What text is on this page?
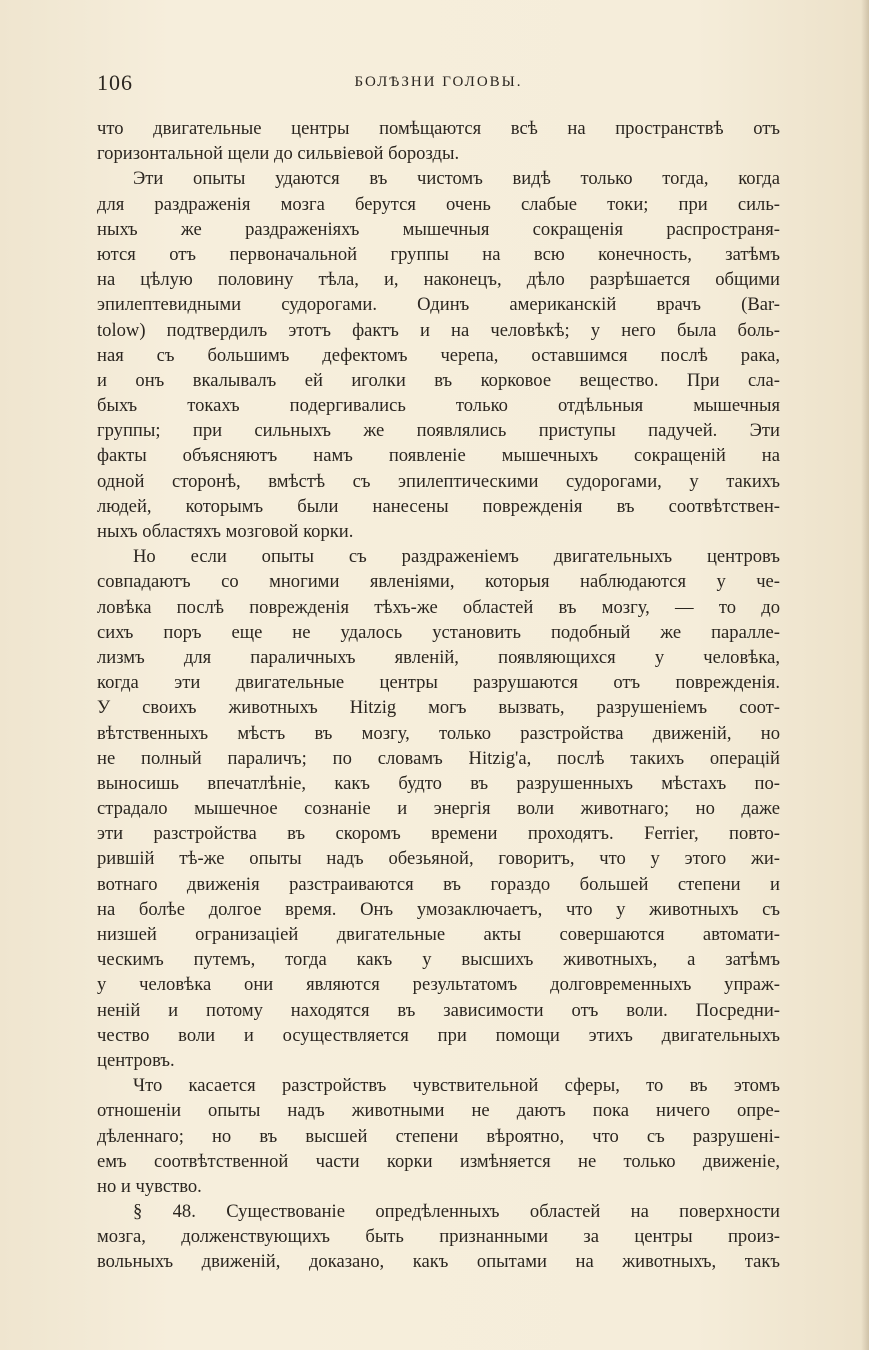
106	БОЛѢЗНИ ГОЛОВЫ.
что двигательные центры помѣщаются всѣ на пространствѣ отъ
горизонтальной щели до сильвіевой борозды.
Эти опыты удаются въ чистомъ видѣ только тогда, когда
для раздраженія мозга берутся очень слабые токи; при силь-
ныхъ же раздраженіяхъ мышечныя сокращенія распространя-
ются отъ первоначальной группы на всю конечность, затѣмъ
на цѣлую половину тѣла, и, наконецъ, дѣло разрѣшается общими
эпилептевидными судорогами. Одинъ американскій врачъ (Bar-
tolow) подтвердилъ этотъ фактъ и на человѣкѣ; у него была боль-
ная съ большимъ дефектомъ черепа, оставшимся послѣ рака,
и онъ вкалывалъ ей иголки въ корковое вещество. При сла-
быхъ токахъ подергивались только отдѣльныя мышечныя
группы; при сильныхъ же появлялись приступы падучей. Эти
факты объясняютъ намъ появленіе мышечныхъ сокращеній на
одной сторонѣ, вмѣстѣ съ эпилептическими судорогами, у такихъ
людей, которымъ были нанесены поврежденія въ соотвѣтствен-
ныхъ областяхъ мозговой корки.
Но если опыты съ раздраженіемъ двигательныхъ центровъ
совпадаютъ со многими явленіями, которыя наблюдаются у че-
ловѣка послѣ поврежденія тѣхъ-же областей въ мозгу, — то до
сихъ поръ еще не удалось установить подобный же паралле-
лизмъ для параличныхъ явленій, появляющихся у человѣка,
когда эти двигательные центры разрушаются отъ поврежденія.
У своихъ животныхъ Hitzig могъ вызвать, разрушеніемъ соот-
вѣтственныхъ мѣстъ въ мозгу, только разстройства движеній, но
не полный параличъ; по словамъ Hitzig'а, послѣ такихъ операцій
выносишь впечатлѣніе, какъ будто въ разрушенныхъ мѣстахъ по-
страдало мышечное сознаніе и энергія воли животнаго; но даже
эти разстройства въ скоромъ времени проходятъ. Ferrier, повто-
рившій тѣ-же опыты надъ обезьяной, говоритъ, что у этого жи-
вотнаго движенія разстраиваются въ гораздо большей степени и
на болѣе долгое время. Онъ умозаключаетъ, что у животныхъ съ
низшей огранизаціей двигательные акты совершаются автомати-
ческимъ путемъ, тогда какъ у высшихъ животныхъ, а затѣмъ
у человѣка они являются результатомъ долговременныхъ упраж-
неній и потому находятся въ зависимости отъ воли. Посредни-
чество воли и осуществляется при помощи этихъ двигательныхъ
центровъ.
Что касается разстройствъ чувствительной сферы, то въ этомъ
отношеніи опыты надъ животными не даютъ пока ничего опре-
дѣленнаго; но въ высшей степени вѣроятно, что съ разрушені-
емъ соотвѣтственной части корки измѣняется не только движеніе,
но и чувство.
§ 48. Существованіе опредѣленныхъ областей на поверхности
мозга, долженствующихъ быть признанными за центры произ-
вольныхъ движеній, доказано, какъ опытами на животныхъ, такъ
